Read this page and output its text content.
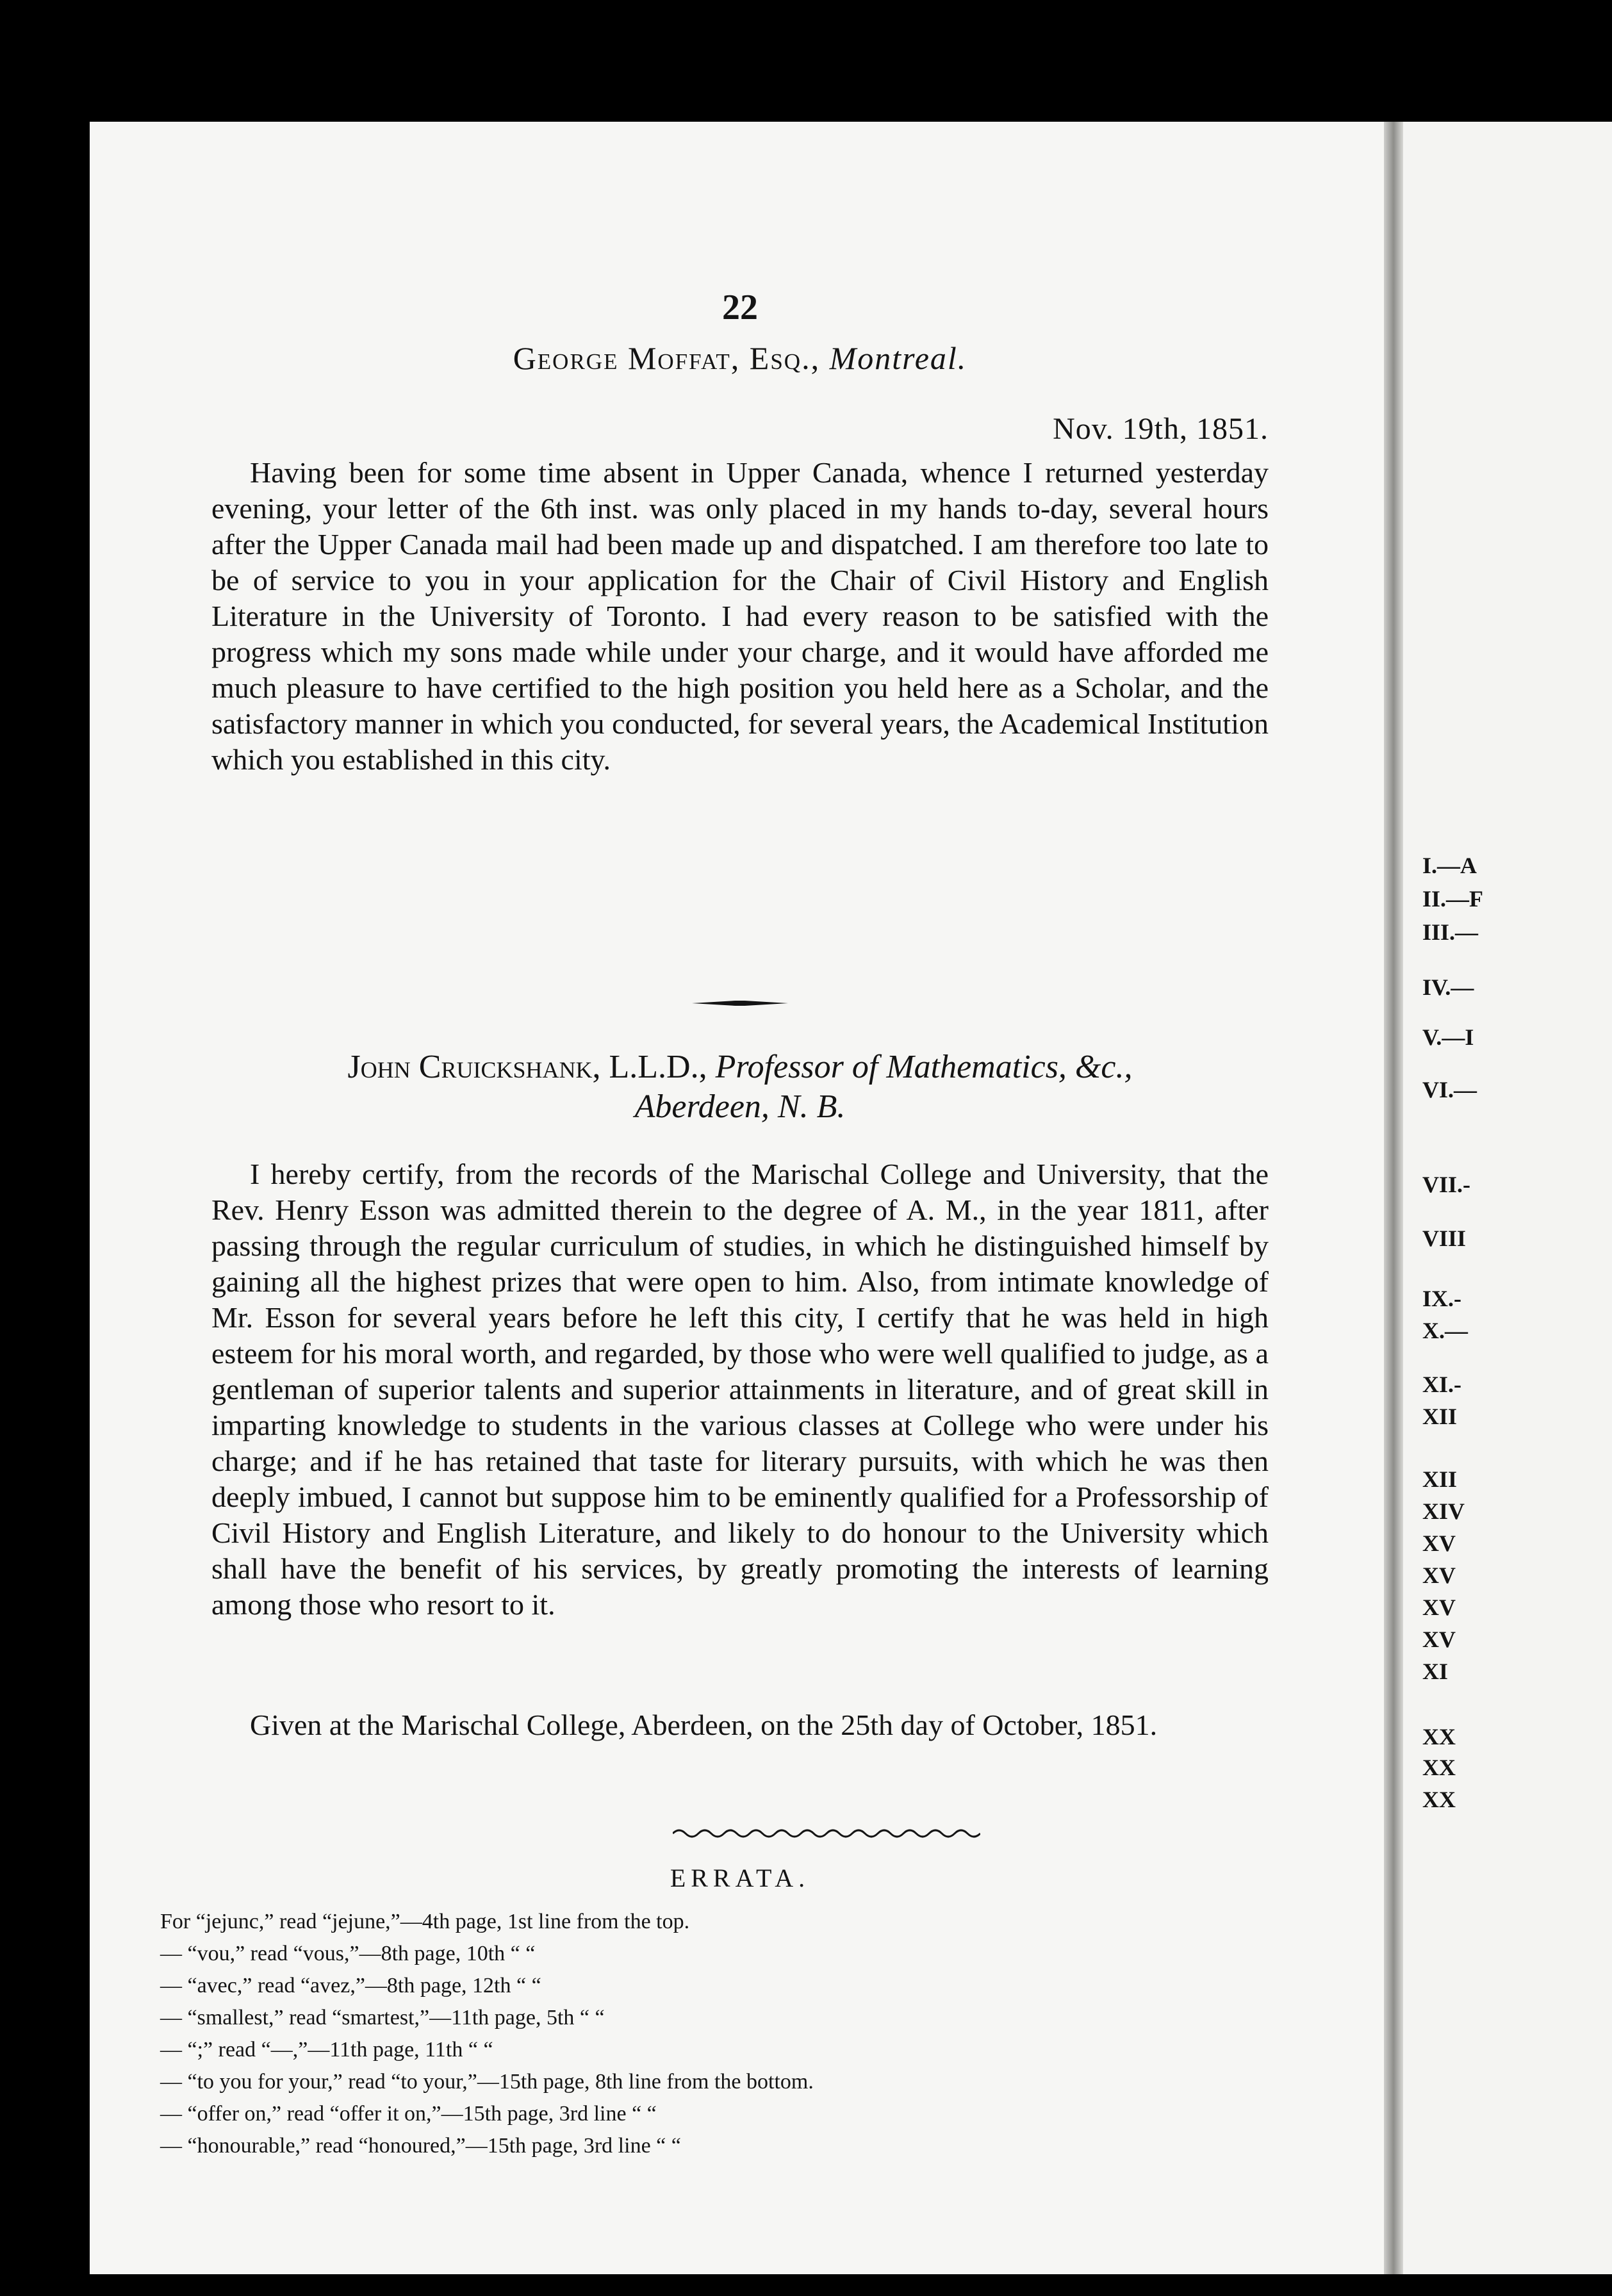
22
George Moffat, Esq., Montreal.
Nov. 19th, 1851.

Having been for some time absent in Upper Canada, whence I returned yesterday evening, your letter of the 6th inst. was only placed in my hands to-day, several hours after the Upper Canada mail had been made up and dispatched. I am therefore too late to be of service to you in your application for the Chair of Civil History and English Literature in the University of Toronto. I had every reason to be satisfied with the progress which my sons made while under your charge, and it would have afforded me much pleasure to have certified to the high position you held here as a Scholar, and the satisfactory manner in which you conducted, for several years, the Academical Institution which you established in this city.

John Cruickshank, L.L.D., Professor of Mathematics, &c.,
Aberdeen, N. B.

I hereby certify, from the records of the Marischal College and University, that the Rev. Henry Esson was admitted therein to the degree of A. M., in the year 1811, after passing through the regular curriculum of studies, in which he distinguished himself by gaining all the highest prizes that were open to him. Also, from intimate knowledge of Mr. Esson for several years before he left this city, I certify that he was held in high esteem for his moral worth, and regarded, by those who were well qualified to judge, as a gentleman of superior talents and superior attainments in literature, and of great skill in imparting knowledge to students in the various classes at College who were under his charge; and if he has retained that taste for literary pursuits, with which he was then deeply imbued, I cannot but suppose him to be eminently qualified for a Professorship of Civil History and English Literature, and likely to do honour to the University which shall have the benefit of his services, by greatly promoting the interests of learning among those who resort to it.

Given at the Marischal College, Aberdeen, on the 25th day of October, 1851.

ERRATA.
For “jejunc,” read “jejune,”—4th page, 1st line from the top.
— “vou,” read “vous,”—8th page, 10th “ “
— “avec,” read “avez,”—8th page, 12th “ “
— “smallest,” read “smartest,”—11th page, 5th “ “
— “;” read “—,”—11th page, 11th “ “
— “to you for your,” read “to your,”—15th page, 8th line from the bottom.
— “offer on,” read “offer it on,”—15th page, 3rd line “ “
— “honourable,” read “honoured,”—15th page, 3rd line “ “
I.—A
II.—F
III.—
IV.—
V.—I
VI.—
VII.-
VIII
IX.-
X.—
XI.-
XII
XII
XIV
XV
XV
XV
XV
XI
XX
XX
XX
